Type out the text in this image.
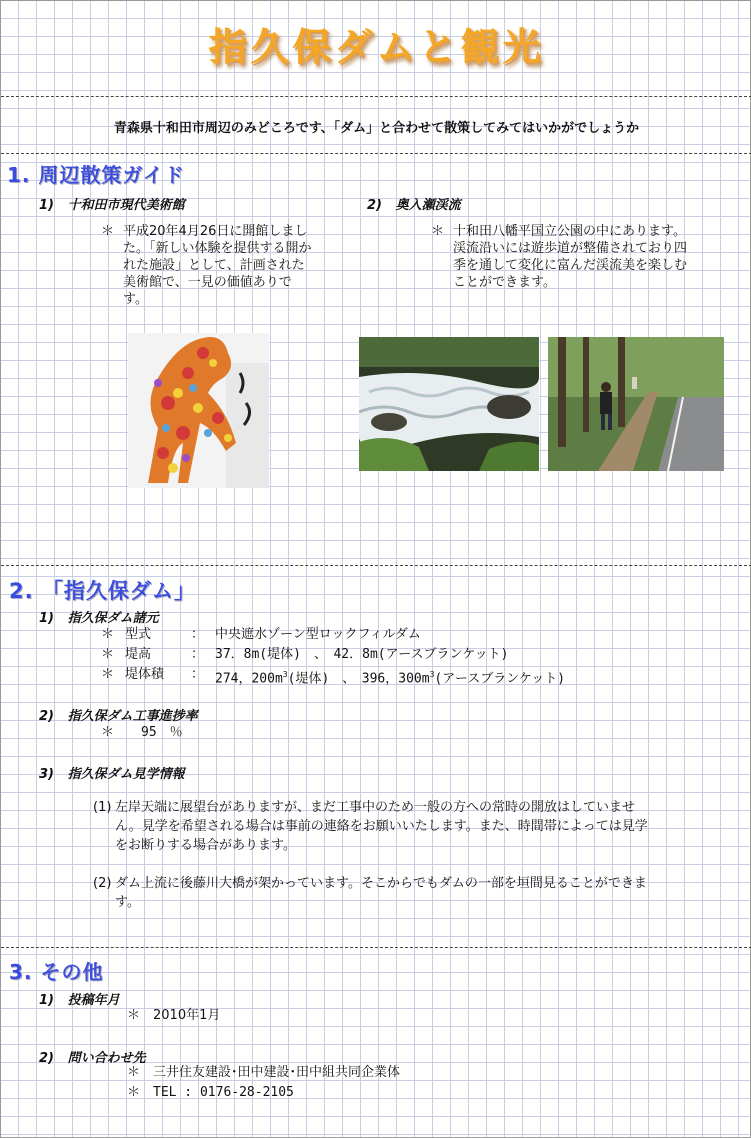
指久保ダムと観光
青森県十和田市周辺のみどころです、「ダム」と合わせて散策してみてはいかがでしょうか
1. 周辺散策ガイド
1) 十和田市現代美術館
＊ 平成20年4月26日に開館しました。「新しい体験を提供する開かれた施設」として、計画された美術館で、一見の価値ありです。
2) 奥入瀬渓流
＊ 十和田八幡平国立公園の中にあります。渓流沿いには遊歩道が整備されており四季を通して変化に富んだ渓流美を楽しむことができます。
2. 「指久保ダム」
1) 指久保ダム諸元
＊ 型式	： 中央遮水ゾーン型ロックフィルダム
＊ 堤高	： 37．8m(堤体)　、　42．8m(アースブランケット)
＊ 堤体積 ： 274，$200m^3$(堤体)　、　396，$300m^3$(アースブランケット)
2) 指久保ダム工事進捗率
＊ 95　％
3) 指久保ダム見学情報
(1) 左岸天端に展望台がありますが、まだ工事中のため一般の方への常時の開放はしていません。見学を希望される場合は事前の連絡をお願いいたします。また、時間帯によっては見学をお断りする場合があります。
(2) ダム上流に後藤川大橋が架かっています。そこからでもダムの一部を垣間見ることができます。
3. その他
1) 投稿年月
＊ 2010年1月
2) 問い合わせ先
＊ 三井住友建設･田中建設･田中組共同企業体
＊ TEL : 0176-28-2105
